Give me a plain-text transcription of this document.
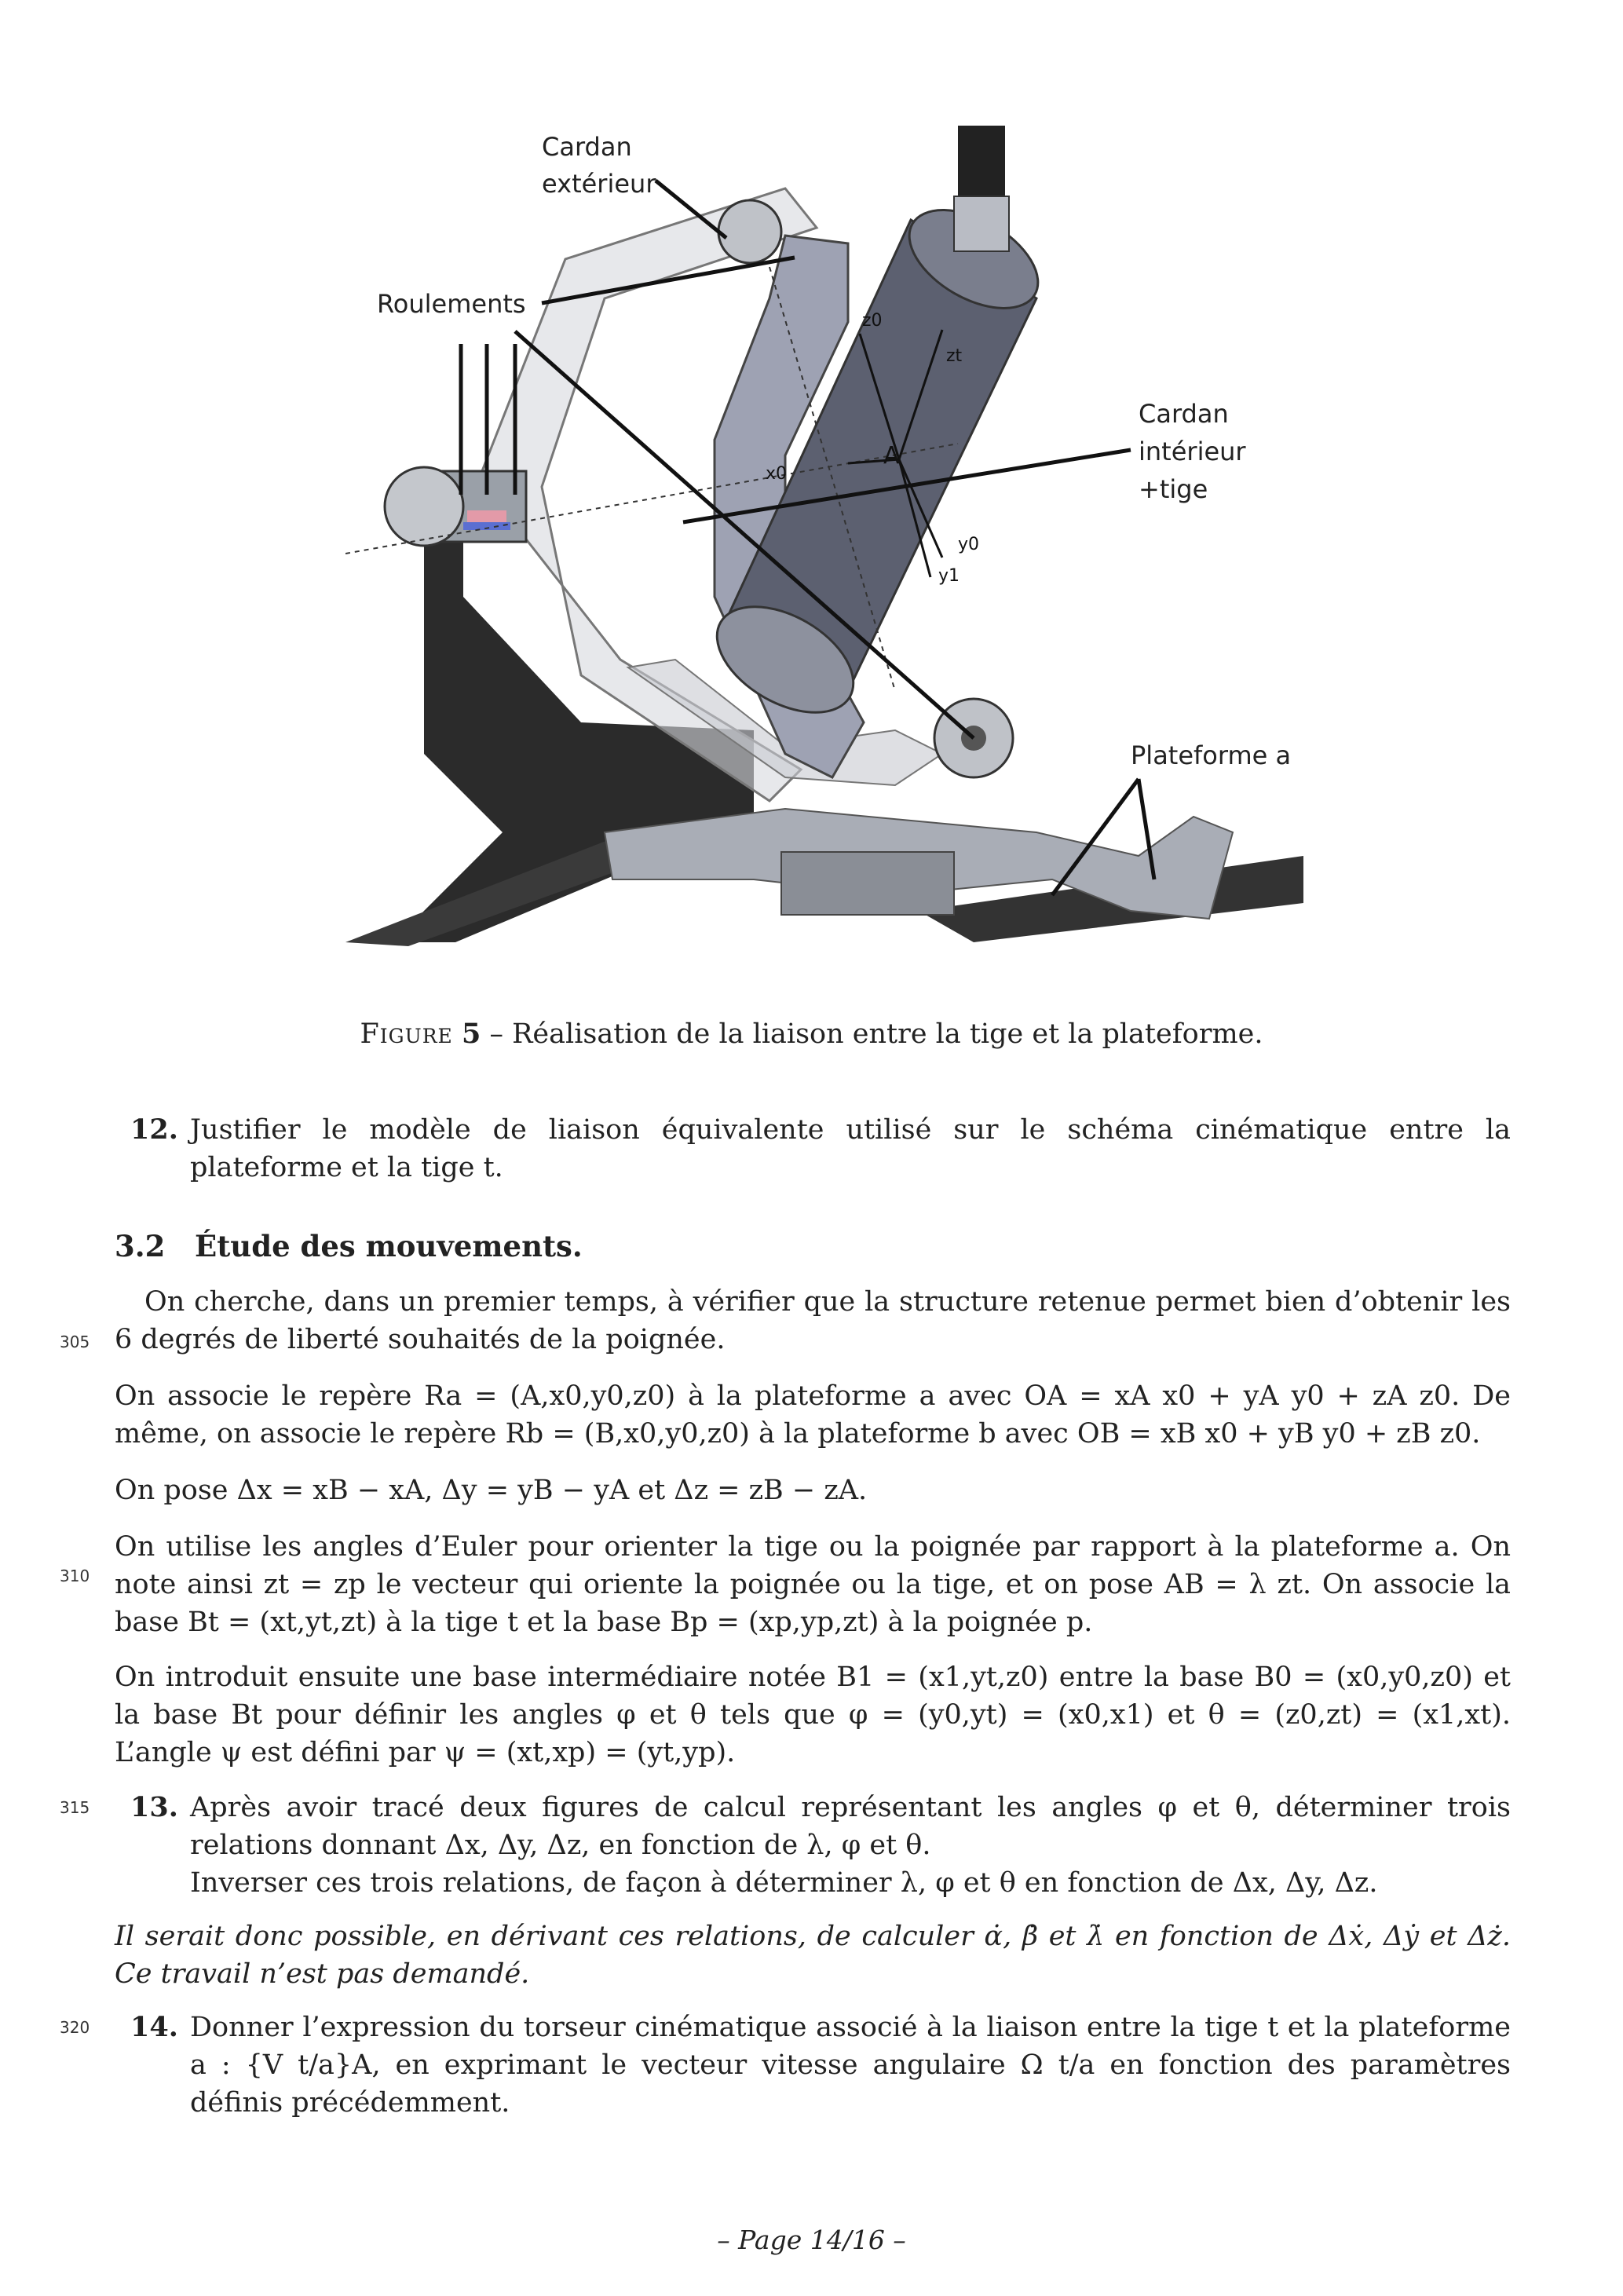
Cardan
extérieur
Roulements
Cardan
intérieur
+tige
Plateforme a
A
z0
zt
x0
y0
y1
Figure 5 – Réalisation de la liaison entre la tige et la plateforme.
12. Justifier le modèle de liaison équivalente utilisé sur le schéma cinématique entre la plateforme et la tige t.
3.2 Étude des mouvements.
On cherche, dans un premier temps, à vérifier que la structure retenue permet bien d’obtenir les 6 degrés de liberté souhaités de la poignée.
On associe le repère Ra = (A,x0,y0,z0) à la plateforme a avec OA = xA x0 + yA y0 + zA z0. De même, on associe le repère Rb = (B,x0,y0,z0) à la plateforme b avec OB = xB x0 + yB y0 + zB z0.
On pose Δx = xB − xA, Δy = yB − yA et Δz = zB − zA.
On utilise les angles d’Euler pour orienter la tige ou la poignée par rapport à la plateforme a. On note ainsi zt = zp le vecteur qui oriente la poignée ou la tige, et on pose AB = λ zt. On associe la base Bt = (xt,yt,zt) à la tige t et la base Bp = (xp,yp,zt) à la poignée p.
On introduit ensuite une base intermédiaire notée B1 = (x1,yt,z0) entre la base B0 = (x0,y0,z0) et la base Bt pour définir les angles φ et θ tels que φ = (y0,yt) = (x0,x1) et θ = (z0,zt) = (x1,xt). L’angle ψ est défini par ψ = (xt,xp) = (yt,yp).
13. Après avoir tracé deux figures de calcul représentant les angles φ et θ, déterminer trois relations donnant Δx, Δy, Δz, en fonction de λ, φ et θ.
Inverser ces trois relations, de façon à déterminer λ, φ et θ en fonction de Δx, Δy, Δz.
Il serait donc possible, en dérivant ces relations, de calculer α̇, β̇ et λ̇ en fonction de Δẋ, Δẏ et Δż. Ce travail n’est pas demandé.
14. Donner l’expression du torseur cinématique associé à la liaison entre la tige t et la plateforme a : {V t/a}A, en exprimant le vecteur vitesse angulaire Ω t/a en fonction des paramètres définis précédemment.
305
310
315
320
– Page 14/16 –
